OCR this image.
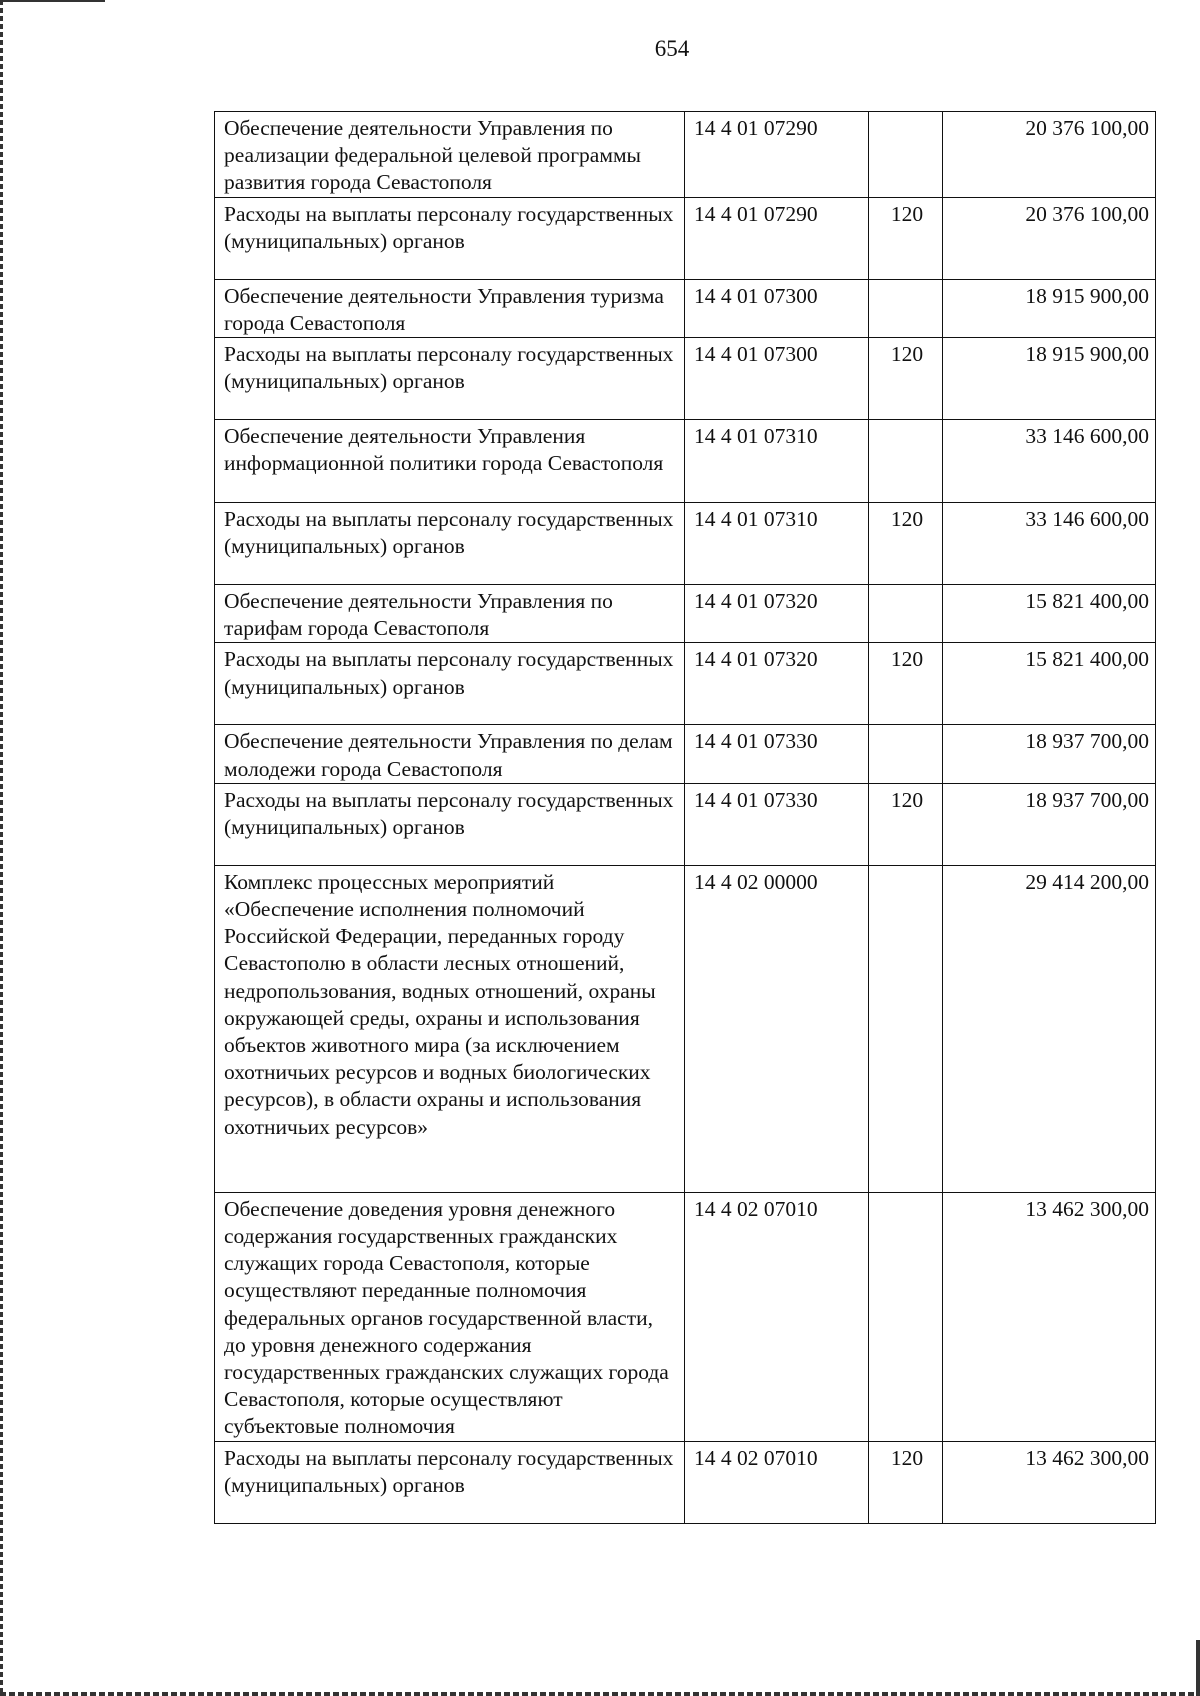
654
Обеспечение деятельности Управления по реализации федеральной целевой программы развития города Севастополя	14 4 01 07290		20 376 100,00
Расходы на выплаты персоналу государственных (муниципальных) органов	14 4 01 07290	120	20 376 100,00
Обеспечение деятельности Управления туризма города Севастополя	14 4 01 07300		18 915 900,00
Расходы на выплаты персоналу государственных (муниципальных) органов	14 4 01 07300	120	18 915 900,00
Обеспечение деятельности Управления информационной политики города Севастополя	14 4 01 07310		33 146 600,00
Расходы на выплаты персоналу государственных (муниципальных) органов	14 4 01 07310	120	33 146 600,00
Обеспечение деятельности Управления по тарифам города Севастополя	14 4 01 07320		15 821 400,00
Расходы на выплаты персоналу государственных (муниципальных) органов	14 4 01 07320	120	15 821 400,00
Обеспечение деятельности Управления по делам молодежи города Севастополя	14 4 01 07330		18 937 700,00
Расходы на выплаты персоналу государственных (муниципальных) органов	14 4 01 07330	120	18 937 700,00
Комплекс процессных мероприятий «Обеспечение исполнения полномочий Российской Федерации, переданных городу Севастополю в области лесных отношений, недропользования, водных отношений, охраны окружающей среды, охраны и использования объектов животного мира (за исключением охотничьих ресурсов и водных биологических ресурсов), в области охраны и использования охотничьих ресурсов»	14 4 02 00000		29 414 200,00
Обеспечение доведения уровня денежного содержания государственных гражданских служащих города Севастополя, которые осуществляют переданные полномочия федеральных органов государственной власти, до уровня денежного содержания государственных гражданских служащих города Севастополя, которые осуществляют субъектовые полномочия	14 4 02 07010		13 462 300,00
Расходы на выплаты персоналу государственных (муниципальных) органов	14 4 02 07010	120	13 462 300,00
